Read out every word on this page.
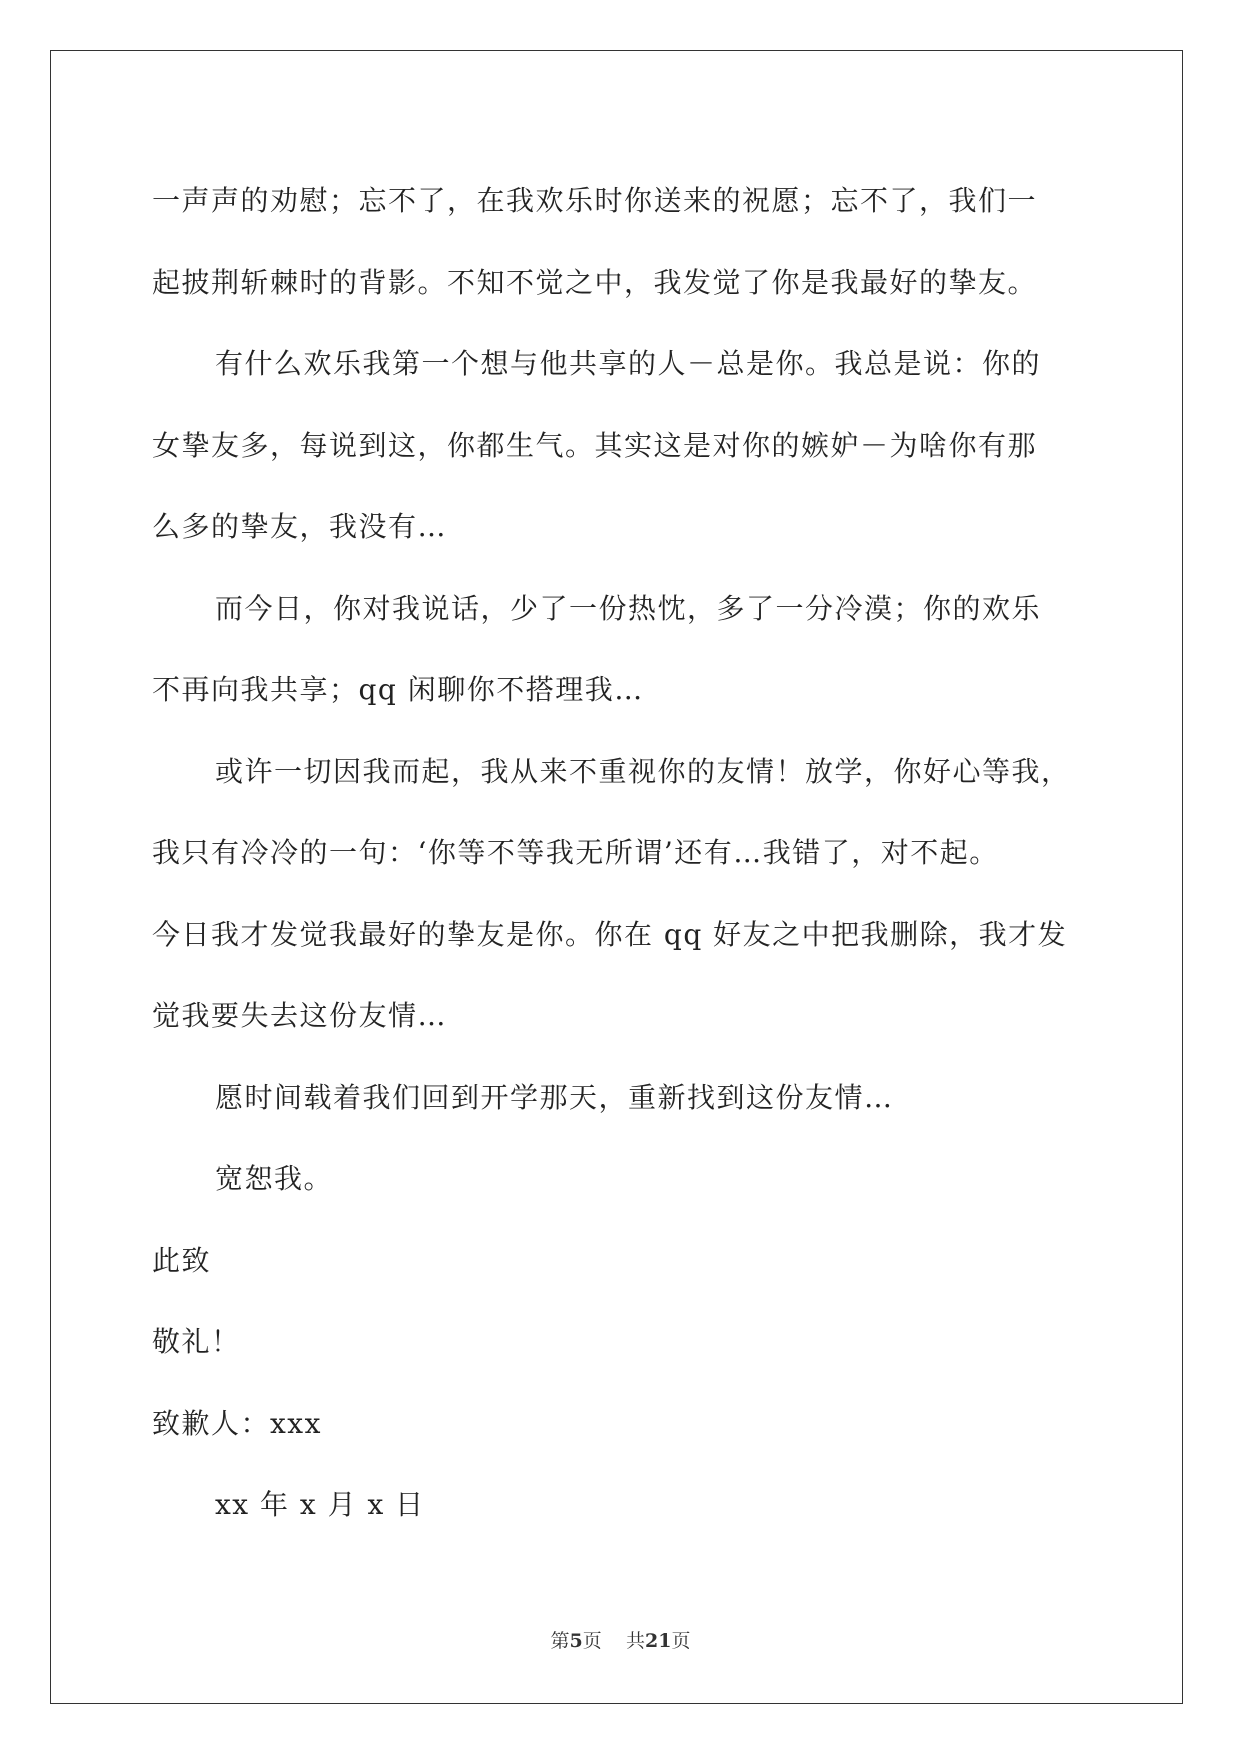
一声声的劝慰；忘不了，在我欢乐时你送来的祝愿；忘不了，我们一

起披荆斩棘时的背影。不知不觉之中，我发觉了你是我最好的挚友。

有什么欢乐我第一个想与他共享的人－总是你。我总是说：你的

女挚友多，每说到这，你都生气。其实这是对你的嫉妒－为啥你有那

么多的挚友，我没有…

而今日，你对我说话，少了一份热忱，多了一分冷漠；你的欢乐

不再向我共享；qq 闲聊你不搭理我…

或许一切因我而起，我从来不重视你的友情！放学，你好心等我，

我只有冷冷的一句：‘你等不等我无所谓’还有…我错了，对不起。

今日我才发觉我最好的挚友是你。你在 qq 好友之中把我删除，我才发

觉我要失去这份友情…

愿时间载着我们回到开学那天，重新找到这份友情…

宽恕我。

此致

敬礼！

致歉人：xxx

xx 年 x 月 x 日

第5页 共21页
